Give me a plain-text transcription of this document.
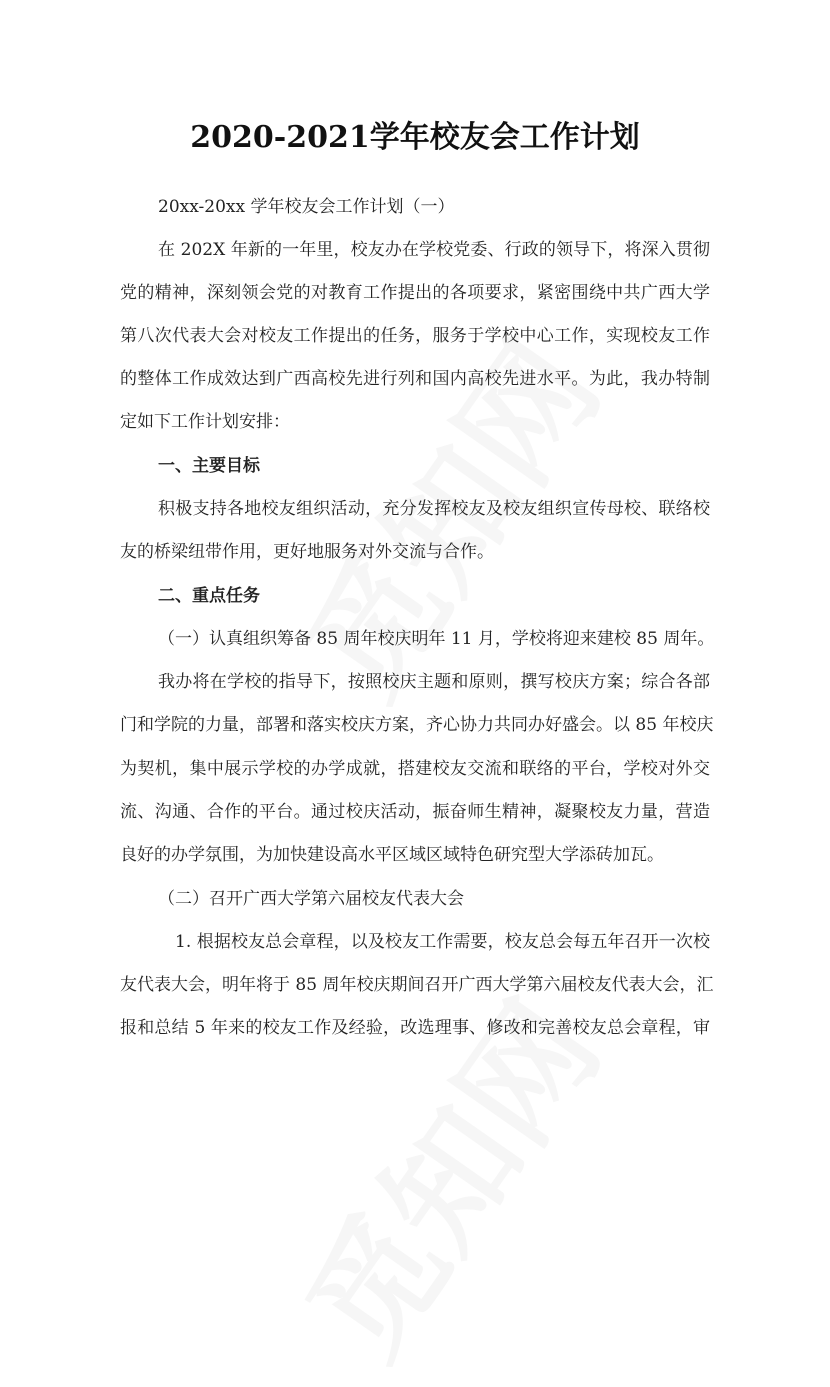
2020-2021学年校友会工作计划
20xx-20xx 学年校友会工作计划（一）
在 202X 年新的一年里，校友办在学校党委、行政的领导下，将深入贯彻
党的精神，深刻领会党的对教育工作提出的各项要求，紧密围绕中共广西大学
第八次代表大会对校友工作提出的任务，服务于学校中心工作，实现校友工作
的整体工作成效达到广西高校先进行列和国内高校先进水平。为此，我办特制
定如下工作计划安排：
一、主要目标
积极支持各地校友组织活动，充分发挥校友及校友组织宣传母校、联络校
友的桥梁纽带作用，更好地服务对外交流与合作。
二、重点任务
（一）认真组织筹备 85 周年校庆明年 11 月，学校将迎来建校 85 周年。
我办将在学校的指导下，按照校庆主题和原则，撰写校庆方案；综合各部
门和学院的力量，部署和落实校庆方案，齐心协力共同办好盛会。以 85 年校庆
为契机，集中展示学校的办学成就，搭建校友交流和联络的平台，学校对外交
流、沟通、合作的平台。通过校庆活动，振奋师生精神，凝聚校友力量，营造
良好的办学氛围，为加快建设高水平区域区域特色研究型大学添砖加瓦。
（二）召开广西大学第六届校友代表大会
1. 根据校友总会章程，以及校友工作需要，校友总会每五年召开一次校
友代表大会，明年将于 85 周年校庆期间召开广西大学第六届校友代表大会，汇
报和总结 5 年来的校友工作及经验，改选理事、修改和完善校友总会章程，审
